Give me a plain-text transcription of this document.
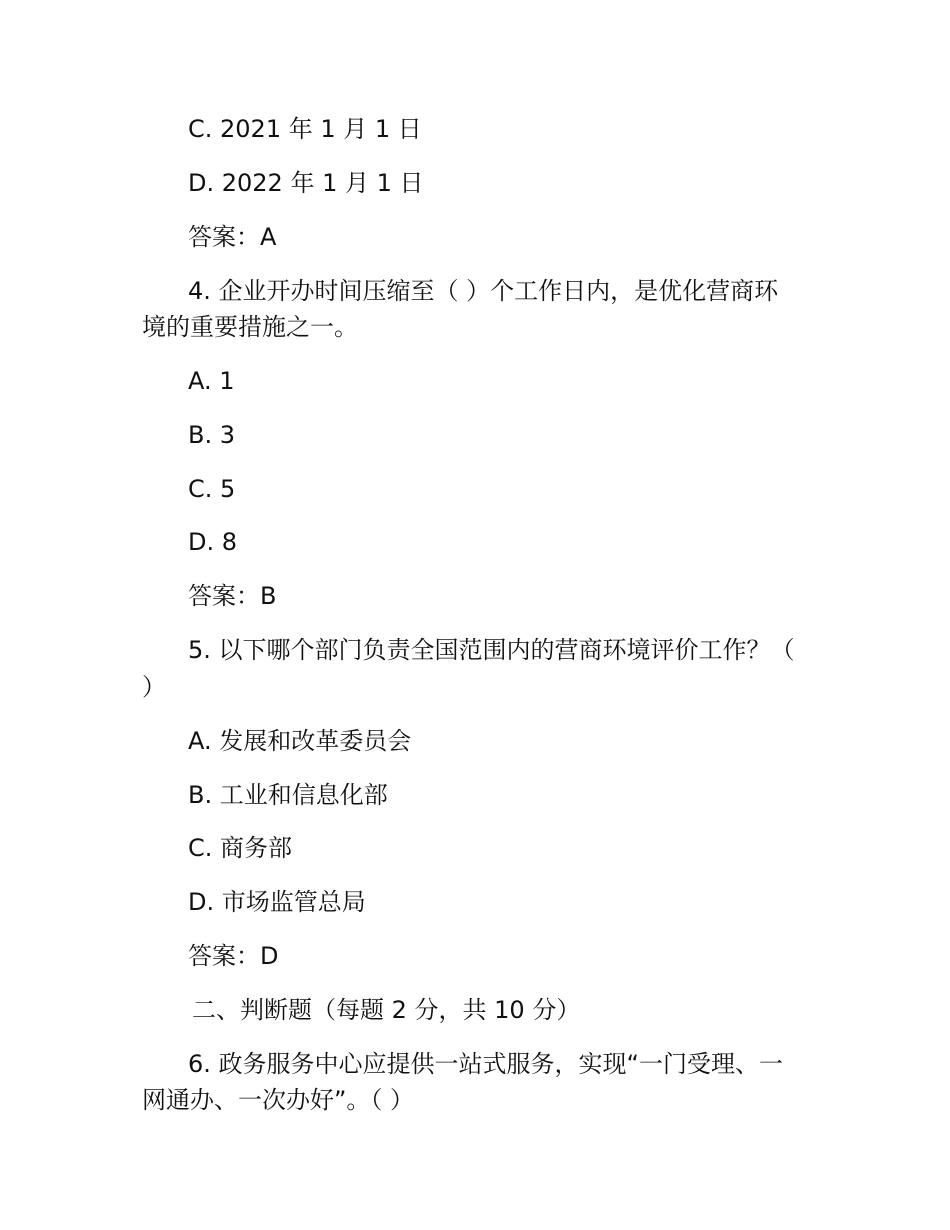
C. 2021 年 1 月 1 日
D. 2022 年 1 月 1 日
答案：A
4. 企业开办时间压缩至（ ）个工作日内，是优化营商环
境的重要措施之一。
A. 1
B. 3
C. 5
D. 8
答案：B
5. 以下哪个部门负责全国范围内的营商环境评价工作？（
）
A. 发展和改革委员会
B. 工业和信息化部
C. 商务部
D. 市场监管总局
答案：D
二、判断题（每题 2 分，共 10 分）
6. 政务服务中心应提供一站式服务，实现“一门受理、一
网通办、一次办好”。（ ）
